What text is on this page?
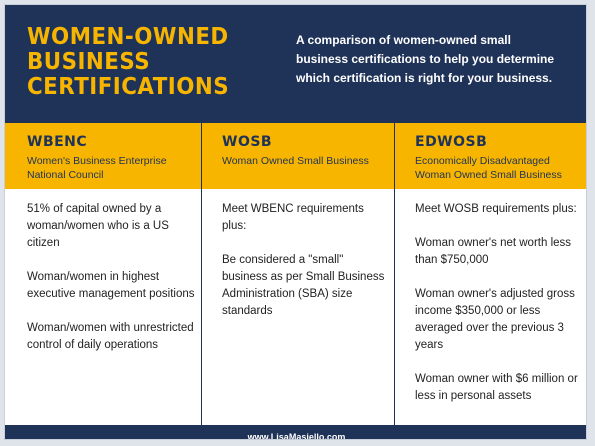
WOMEN-OWNED
BUSINESS
CERTIFICATIONS

A comparison of women-owned small business certifications to help you determine which certification is right for your business.

WBENC
Women's Business Enterprise National Council

51% of capital owned by a woman/women who is a US citizen

Woman/women in highest executive management positions

Woman/women with unrestricted control of daily operations

WOSB
Woman Owned Small Business

Meet WBENC requirements plus:

Be considered a "small" business as per Small Business Administration (SBA) size standards

EDWOSB
Economically Disadvantaged Woman Owned Small Business

Meet WOSB requirements plus:

Woman owner's net worth less than $750,000

Woman owner's adjusted gross income $350,000 or less averaged over the previous 3 years

Woman owner with $6 million or less in personal assets

www.LisaMasiello.com
